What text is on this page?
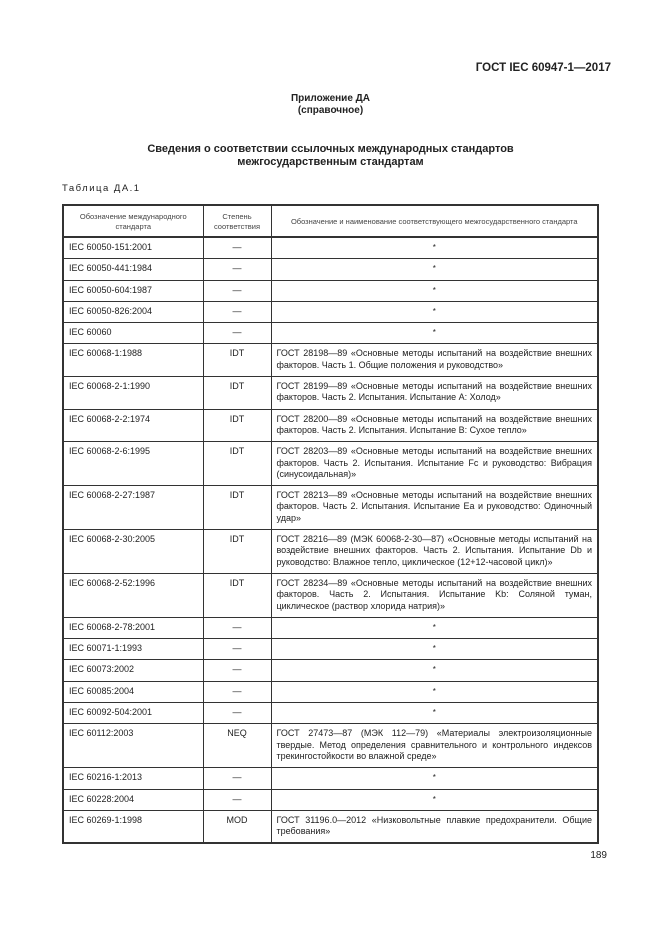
ГОСТ IEC 60947-1—2017
Приложение ДА
(справочное)
Сведения о соответствии ссылочных международных стандартов
межгосударственным стандартам
Таблица ДА.1
Обозначение международного стандарта	Степень соответствия	Обозначение и наименование соответствующего межгосударственного стандарта
IEC 60050-151:2001	—	*
IEC 60050-441:1984	—	*
IEC 60050-604:1987	—	*
IEC 60050-826:2004	—	*
IEC 60060	—	*
IEC 60068-1:1988	IDT	ГОСТ 28198—89 «Основные методы испытаний на воздействие внешних факторов. Часть 1. Общие положения и руководство»
IEC 60068-2-1:1990	IDT	ГОСТ 28199—89 «Основные методы испытаний на воздействие внешних факторов. Часть 2. Испытания. Испытание А: Холод»
IEC 60068-2-2:1974	IDT	ГОСТ 28200—89 «Основные методы испытаний на воздействие внешних факторов. Часть 2. Испытания. Испытание В: Сухое тепло»
IEC 60068-2-6:1995	IDT	ГОСТ 28203—89 «Основные методы испытаний на воздействие внешних факторов. Часть 2. Испытания. Испытание Fc и руководство: Вибрация (синусоидальная)»
IEC 60068-2-27:1987	IDT	ГОСТ 28213—89 «Основные методы испытаний на воздействие внешних факторов. Часть 2. Испытания. Испытание Еа и руководство: Одиночный удар»
IEC 60068-2-30:2005	IDT	ГОСТ 28216—89 (МЭК 60068-2-30—87) «Основные методы испытаний на воздействие внешних факторов. Часть 2. Испытания. Испытание Db и руководство: Влажное тепло, циклическое (12+12-часовой цикл)»
IEC 60068-2-52:1996	IDT	ГОСТ 28234—89 «Основные методы испытаний на воздействие внешних факторов. Часть 2. Испытания. Испытание Kb: Соляной туман, циклическое (раствор хлорида натрия)»
IEC 60068-2-78:2001	—	*
IEC 60071-1:1993	—	*
IEC 60073:2002	—	*
IEC 60085:2004	—	*
IEC 60092-504:2001	—	*
IEC 60112:2003	NEQ	ГОСТ 27473—87 (МЭК 112—79) «Материалы электроизоляционные твердые. Метод определения сравнительного и контрольного индексов трекингостойкости во влажной среде»
IEC 60216-1:2013	—	*
IEC 60228:2004	—	*
IEC 60269-1:1998	MOD	ГОСТ 31196.0—2012 «Низковольтные плавкие предохранители. Общие требования»
189
